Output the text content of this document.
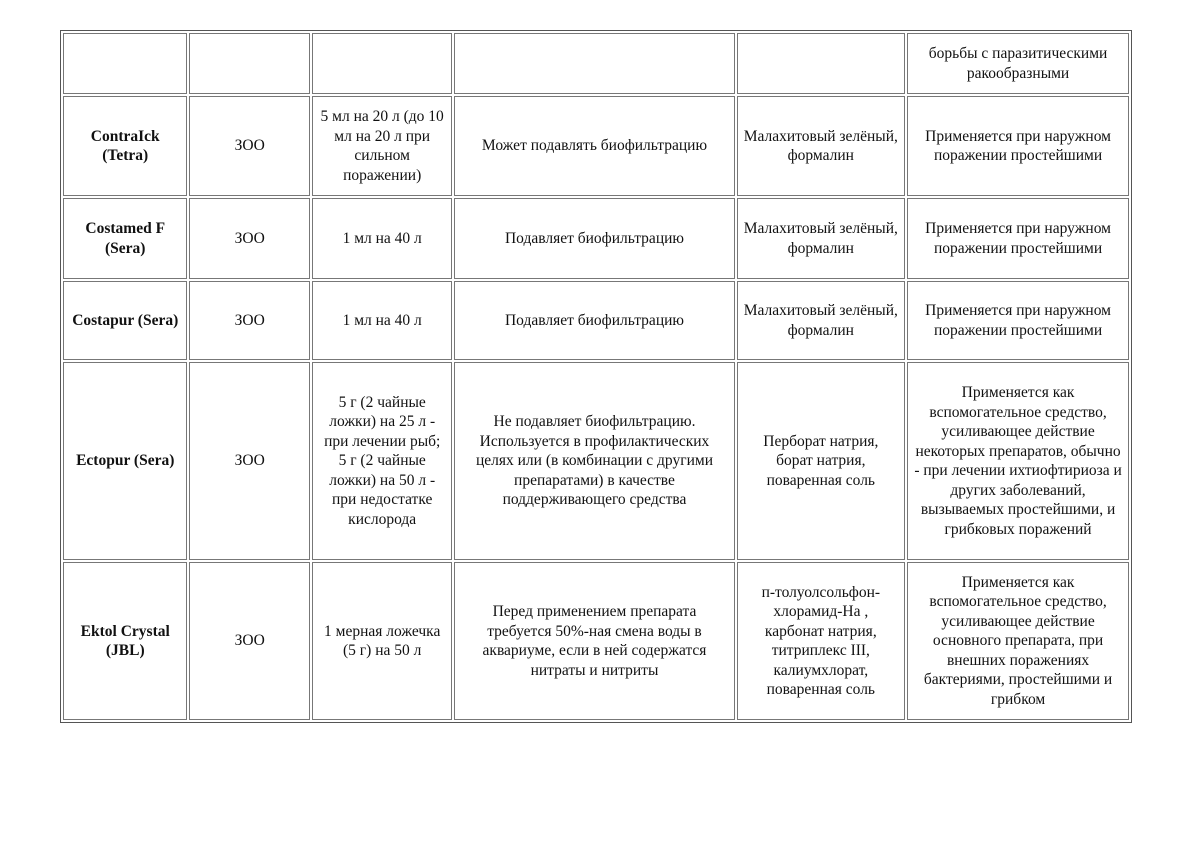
					борьбы с паразитическими ракообразными
ContraIck (Tetra)	ЗОО	5 мл на 20 л (до 10 мл на 20 л при сильном поражении)	Может подавлять биофильтрацию	Малахитовый зелёный, формалин	Применяется при наружном поражении простейшими
Costamed F (Sera)	ЗОО	1 мл на 40 л	Подавляет биофильтрацию	Малахитовый зелёный, формалин	Применяется при наружном поражении простейшими
Costapur (Sera)	ЗОО	1 мл на 40 л	Подавляет биофильтрацию	Малахитовый зелёный, формалин	Применяется при наружном поражении простейшими
Ectopur (Sera)	ЗОО	5 г (2 чайные ложки) на 25 л - при лечении рыб; 5 г (2 чайные ложки) на 50 л - при недостатке кислорода	Не подавляет биофильтрацию. Используется в профилактических целях или (в комбинации с другими препаратами) в качестве поддерживающего средства	Перборат натрия, борат натрия, поваренная соль	Применяется как вспомогательное средство, усиливающее действие некоторых препаратов, обычно - при лечении ихтиофтириоза и других заболеваний, вызываемых простейшими, и грибковых поражений
Ektol Crystal (JBL)	ЗОО	1 мерная ложечка (5 г) на 50 л	Перед применением препарата требуется 50%-ная смена воды в аквариуме, если в ней содержатся нитраты и нитриты	п-толуолсольфон-хлорамид-На , карбонат натрия, титриплекс III, калиумхлорат, поваренная соль	Применяется как вспомогательное средство, усиливающее действие основного препарата, при внешних поражениях бактериями, простейшими и грибком
